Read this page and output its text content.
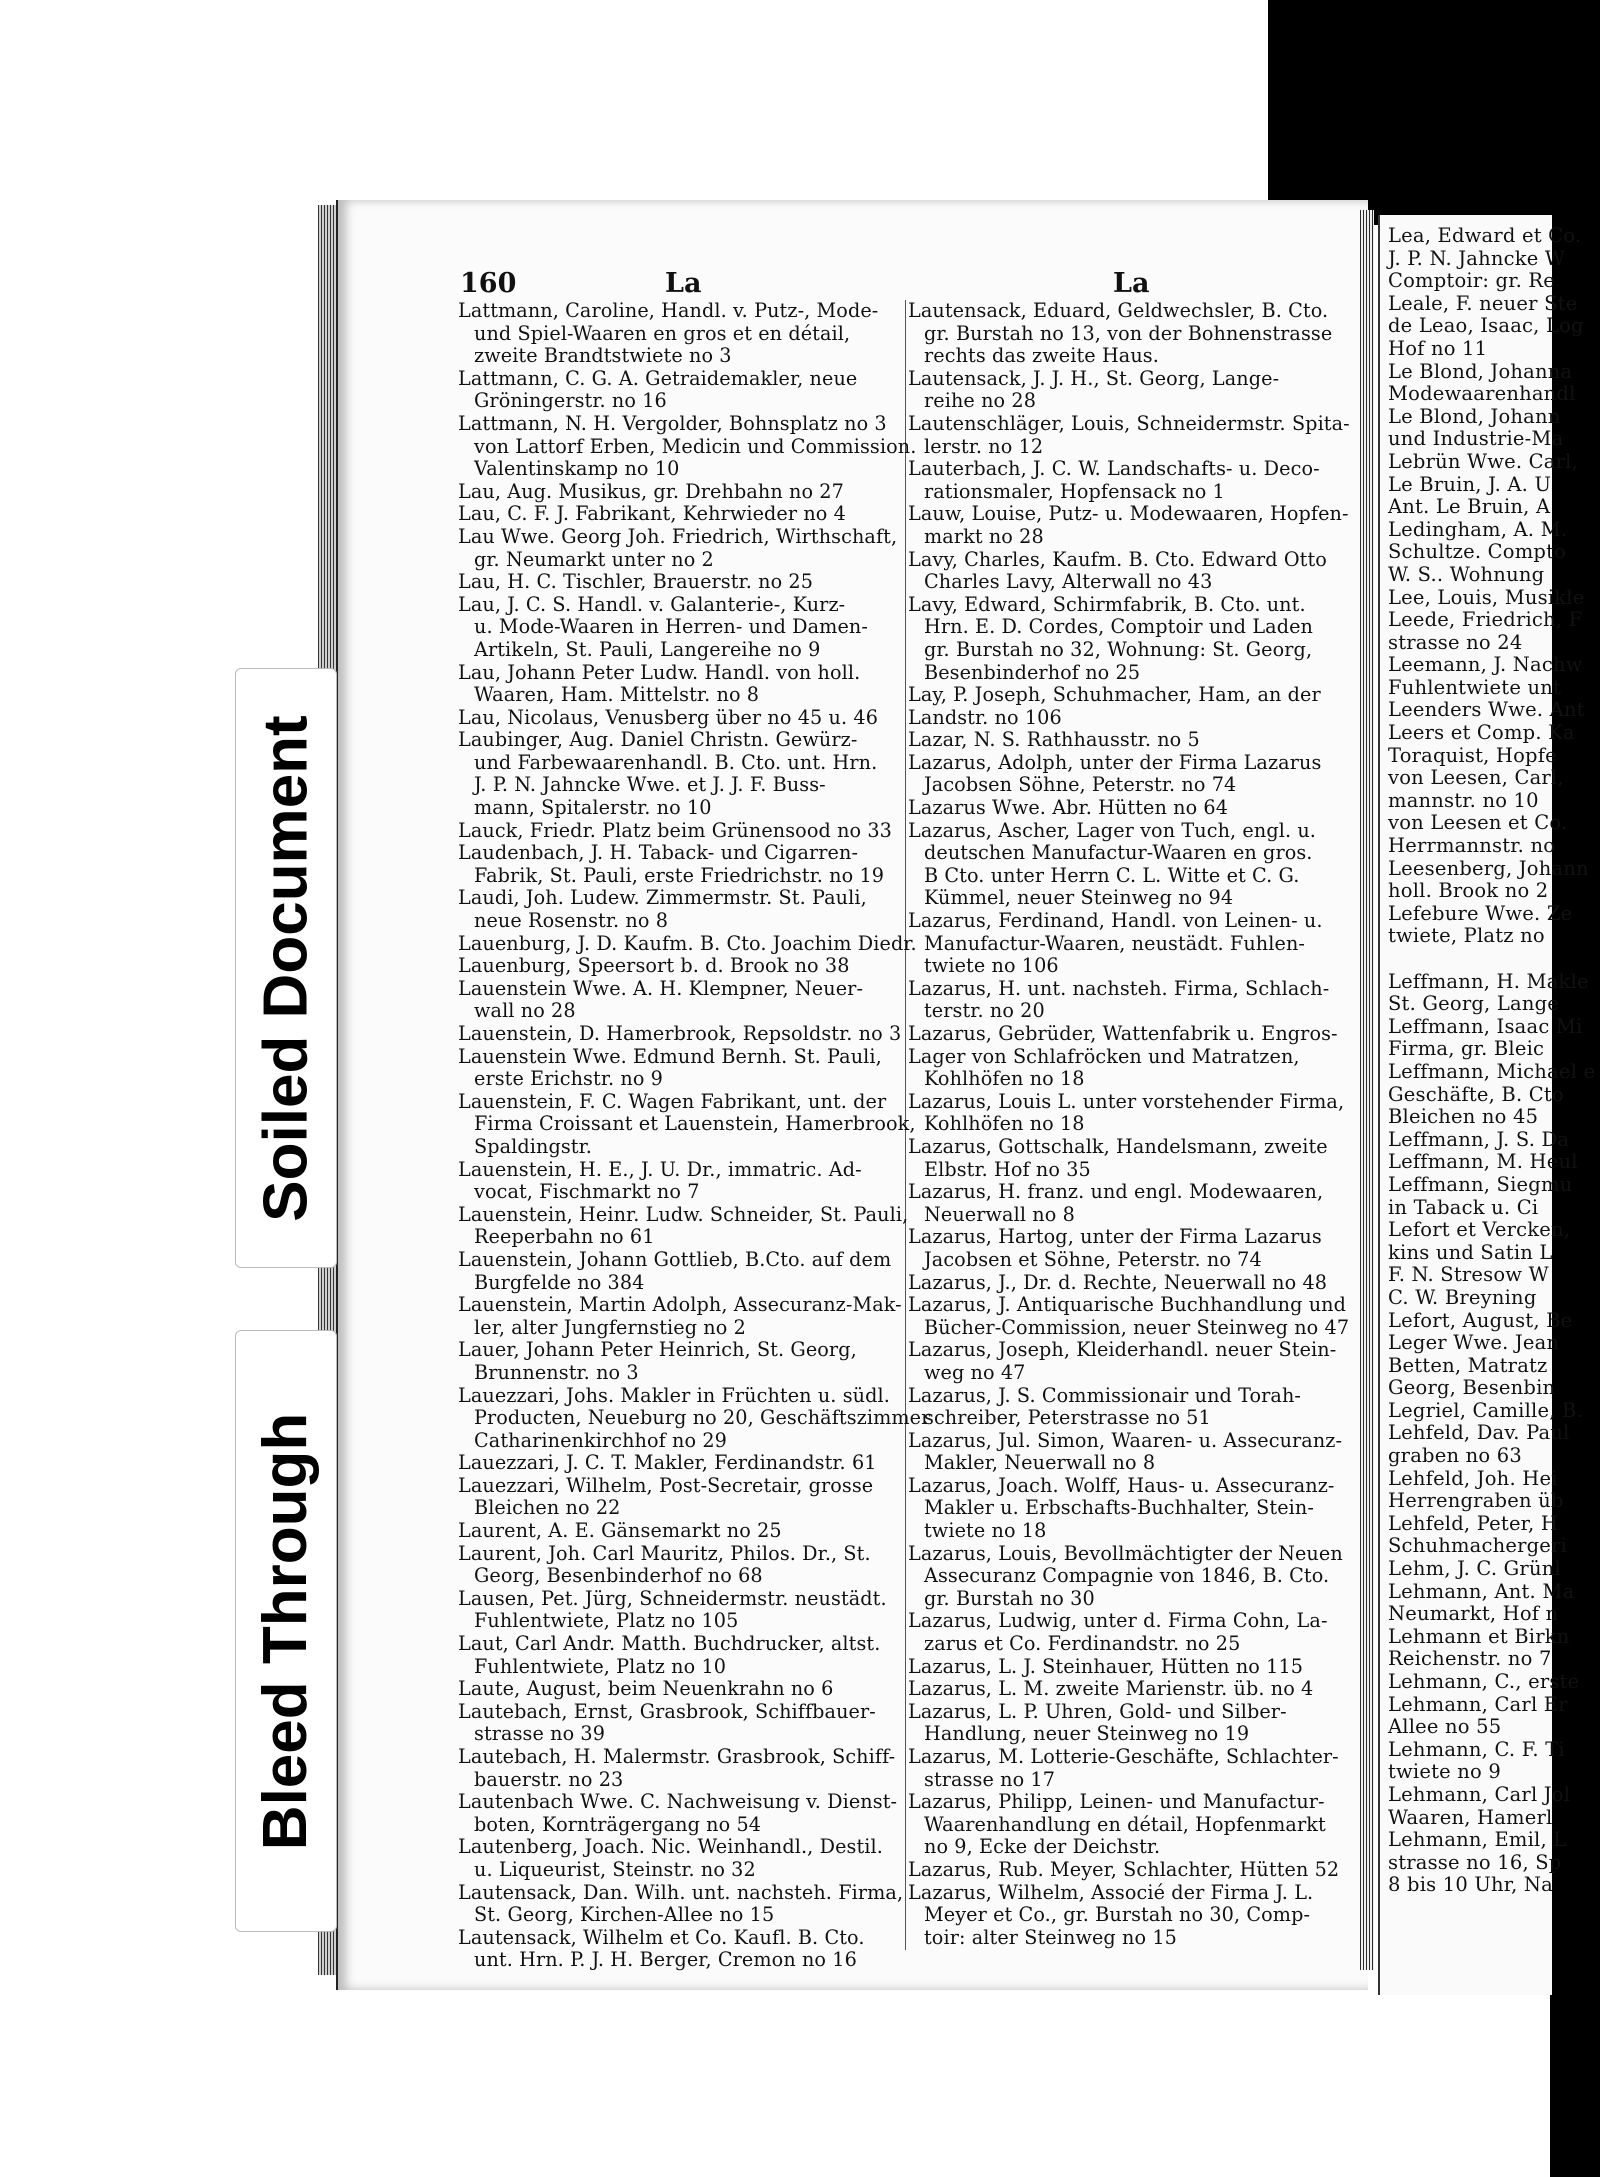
Lea, Edward et Co.
J. P. N. Jahncke W
Comptoir: gr. Re
Leale, F. neuer Ste
de Leao, Isaac, Log
Hof no 11
Le Blond, Johanna
Modewaarenhandl
Le Blond, Johann
und Industrie-Ma
Lebrün Wwe. Carl,
Le Bruin, J. A. U
Ant. Le Bruin, A
Ledingham, A. M.
Schultze. Compto
W. S.. Wohnung
Lee, Louis, Musikle
Leede, Friedrich, F
strasse no 24
Leemann, J. Nachw
Fuhlentwiete unt
Leenders Wwe. Ant
Leers et Comp. Ka
Toraquist, Hopfe
von Leesen, Carl,
mannstr. no 10
von Leesen et Co.
Herrmannstr. no
Leesenberg, Johann
holl. Brook no 2
Lefebure Wwe. Ze
twiete, Platz no

Leffmann, H. Makle
St. Georg, Lange
Leffmann, Isaac Mi
Firma, gr. Bleic
Leffmann, Michael e
Geschäfte, B. Cto
Bleichen no 45
Leffmann, J. S. Da
Leffmann, M. Heul
Leffmann, Siegmu
in Taback u. Ci
Lefort et Vercken,
kins und Satin L
F. N. Stresow W
C. W. Breyning
Lefort, August, Be
Leger Wwe. Jean
Betten, Matratz
Georg, Besenbin
Legriel, Camille, B.
Lehfeld, Dav. Paul
graben no 63
Lehfeld, Joh. Hei
Herrengraben üb
Lehfeld, Peter, H
Schuhmachergeri
Lehm, J. C. Grünl
Lehmann, Ant. Ma
Neumarkt, Hof n
Lehmann et Birkn
Reichenstr. no 7
Lehmann, C., erste
Lehmann, Carl Er
Allee no 55
Lehmann, C. F. Ti
twiete no 9
Lehmann, Carl Jol
Waaren, Hamerl
Lehmann, Emil, L
strasse no 16, Sp
8 bis 10 Uhr, Na
160	La	La
Lattmann, Caroline, Handl. v. Putz-, Mode-
und Spiel-Waaren en gros et en détail,
zweite Brandtstwiete no 3
Lattmann, C. G. A. Getraidemakler, neue
Gröningerstr. no 16
Lattmann, N. H. Vergolder, Bohnsplatz no 3
von Lattorf Erben, Medicin und Commission.
Valentinskamp no 10
Lau, Aug. Musikus, gr. Drehbahn no 27
Lau, C. F. J. Fabrikant, Kehrwieder no 4
Lau Wwe. Georg Joh. Friedrich, Wirthschaft,
gr. Neumarkt unter no 2
Lau, H. C. Tischler, Brauerstr. no 25
Lau, J. C. S. Handl. v. Galanterie-, Kurz-
u. Mode-Waaren in Herren- und Damen-
Artikeln, St. Pauli, Langereihe no 9
Lau, Johann Peter Ludw. Handl. von holl.
Waaren, Ham. Mittelstr. no 8
Lau, Nicolaus, Venusberg über no 45 u. 46
Laubinger, Aug. Daniel Christn. Gewürz-
und Farbewaarenhandl. B. Cto. unt. Hrn.
J. P. N. Jahncke Wwe. et J. J. F. Buss-
mann, Spitalerstr. no 10
Lauck, Friedr. Platz beim Grünensood no 33
Laudenbach, J. H. Taback- und Cigarren-
Fabrik, St. Pauli, erste Friedrichstr. no 19
Laudi, Joh. Ludew. Zimmermstr. St. Pauli,
neue Rosenstr. no 8
Lauenburg, J. D. Kaufm. B. Cto. Joachim Diedr.
Lauenburg, Speersort b. d. Brook no 38
Lauenstein Wwe. A. H. Klempner, Neuer-
wall no 28
Lauenstein, D. Hamerbrook, Repsoldstr. no 3
Lauenstein Wwe. Edmund Bernh. St. Pauli,
erste Erichstr. no 9
Lauenstein, F. C. Wagen Fabrikant, unt. der
Firma Croissant et Lauenstein, Hamerbrook,
Spaldingstr.
Lauenstein, H. E., J. U. Dr., immatric. Ad-
vocat, Fischmarkt no 7
Lauenstein, Heinr. Ludw. Schneider, St. Pauli,
Reeperbahn no 61
Lauenstein, Johann Gottlieb, B.Cto. auf dem
Burgfelde no 384
Lauenstein, Martin Adolph, Assecuranz-Mak-
ler, alter Jungfernstieg no 2
Lauer, Johann Peter Heinrich, St. Georg,
Brunnenstr. no 3
Lauezzari, Johs. Makler in Früchten u. südl.
Producten, Neueburg no 20, Geschäftszimmer
Catharinenkirchhof no 29
Lauezzari, J. C. T. Makler, Ferdinandstr. 61
Lauezzari, Wilhelm, Post-Secretair, grosse
Bleichen no 22
Laurent, A. E. Gänsemarkt no 25
Laurent, Joh. Carl Mauritz, Philos. Dr., St.
Georg, Besenbinderhof no 68
Lausen, Pet. Jürg, Schneidermstr. neustädt.
Fuhlentwiete, Platz no 105
Laut, Carl Andr. Matth. Buchdrucker, altst.
Fuhlentwiete, Platz no 10
Laute, August, beim Neuenkrahn no 6
Lautebach, Ernst, Grasbrook, Schiffbauer-
strasse no 39
Lautebach, H. Malermstr. Grasbrook, Schiff-
bauerstr. no 23
Lautenbach Wwe. C. Nachweisung v. Dienst-
boten, Kornträgergang no 54
Lautenberg, Joach. Nic. Weinhandl., Destil.
u. Liqueurist, Steinstr. no 32
Lautensack, Dan. Wilh. unt. nachsteh. Firma,
St. Georg, Kirchen-Allee no 15
Lautensack, Wilhelm et Co. Kaufl. B. Cto.
unt. Hrn. P. J. H. Berger, Cremon no 16
Lautensack, Eduard, Geldwechsler, B. Cto.
gr. Burstah no 13, von der Bohnenstrasse
rechts das zweite Haus.
Lautensack, J. J. H., St. Georg, Lange-
reihe no 28
Lautenschläger, Louis, Schneidermstr. Spita-
lerstr. no 12
Lauterbach, J. C. W. Landschafts- u. Deco-
rationsmaler, Hopfensack no 1
Lauw, Louise, Putz- u. Modewaaren, Hopfen-
markt no 28
Lavy, Charles, Kaufm. B. Cto. Edward Otto
Charles Lavy, Alterwall no 43
Lavy, Edward, Schirmfabrik, B. Cto. unt.
Hrn. E. D. Cordes, Comptoir und Laden
gr. Burstah no 32, Wohnung: St. Georg,
Besenbinderhof no 25
Lay, P. Joseph, Schuhmacher, Ham, an der
Landstr. no 106
Lazar, N. S. Rathhausstr. no 5
Lazarus, Adolph, unter der Firma Lazarus
Jacobsen Söhne, Peterstr. no 74
Lazarus Wwe. Abr. Hütten no 64
Lazarus, Ascher, Lager von Tuch, engl. u.
deutschen Manufactur-Waaren en gros.
B Cto. unter Herrn C. L. Witte et C. G.
Kümmel, neuer Steinweg no 94
Lazarus, Ferdinand, Handl. von Leinen- u.
Manufactur-Waaren, neustädt. Fuhlen-
twiete no 106
Lazarus, H. unt. nachsteh. Firma, Schlach-
terstr. no 20
Lazarus, Gebrüder, Wattenfabrik u. Engros-
Lager von Schlafröcken und Matratzen,
Kohlhöfen no 18
Lazarus, Louis L. unter vorstehender Firma,
Kohlhöfen no 18
Lazarus, Gottschalk, Handelsmann, zweite
Elbstr. Hof no 35
Lazarus, H. franz. und engl. Modewaaren,
Neuerwall no 8
Lazarus, Hartog, unter der Firma Lazarus
Jacobsen et Söhne, Peterstr. no 74
Lazarus, J., Dr. d. Rechte, Neuerwall no 48
Lazarus, J. Antiquarische Buchhandlung und
Bücher-Commission, neuer Steinweg no 47
Lazarus, Joseph, Kleiderhandl. neuer Stein-
weg no 47
Lazarus, J. S. Commissionair und Torah-
schreiber, Peterstrasse no 51
Lazarus, Jul. Simon, Waaren- u. Assecuranz-
Makler, Neuerwall no 8
Lazarus, Joach. Wolff, Haus- u. Assecuranz-
Makler u. Erbschafts-Buchhalter, Stein-
twiete no 18
Lazarus, Louis, Bevollmächtigter der Neuen
Assecuranz Compagnie von 1846, B. Cto.
gr. Burstah no 30
Lazarus, Ludwig, unter d. Firma Cohn, La-
zarus et Co. Ferdinandstr. no 25
Lazarus, L. J. Steinhauer, Hütten no 115
Lazarus, L. M. zweite Marienstr. üb. no 4
Lazarus, L. P. Uhren, Gold- und Silber-
Handlung, neuer Steinweg no 19
Lazarus, M. Lotterie-Geschäfte, Schlachter-
strasse no 17
Lazarus, Philipp, Leinen- und Manufactur-
Waarenhandlung en détail, Hopfenmarkt
no 9, Ecke der Deichstr.
Lazarus, Rub. Meyer, Schlachter, Hütten 52
Lazarus, Wilhelm, Associé der Firma J. L.
Meyer et Co., gr. Burstah no 30, Comp-
toir: alter Steinweg no 15
Soiled Document
Bleed Through
